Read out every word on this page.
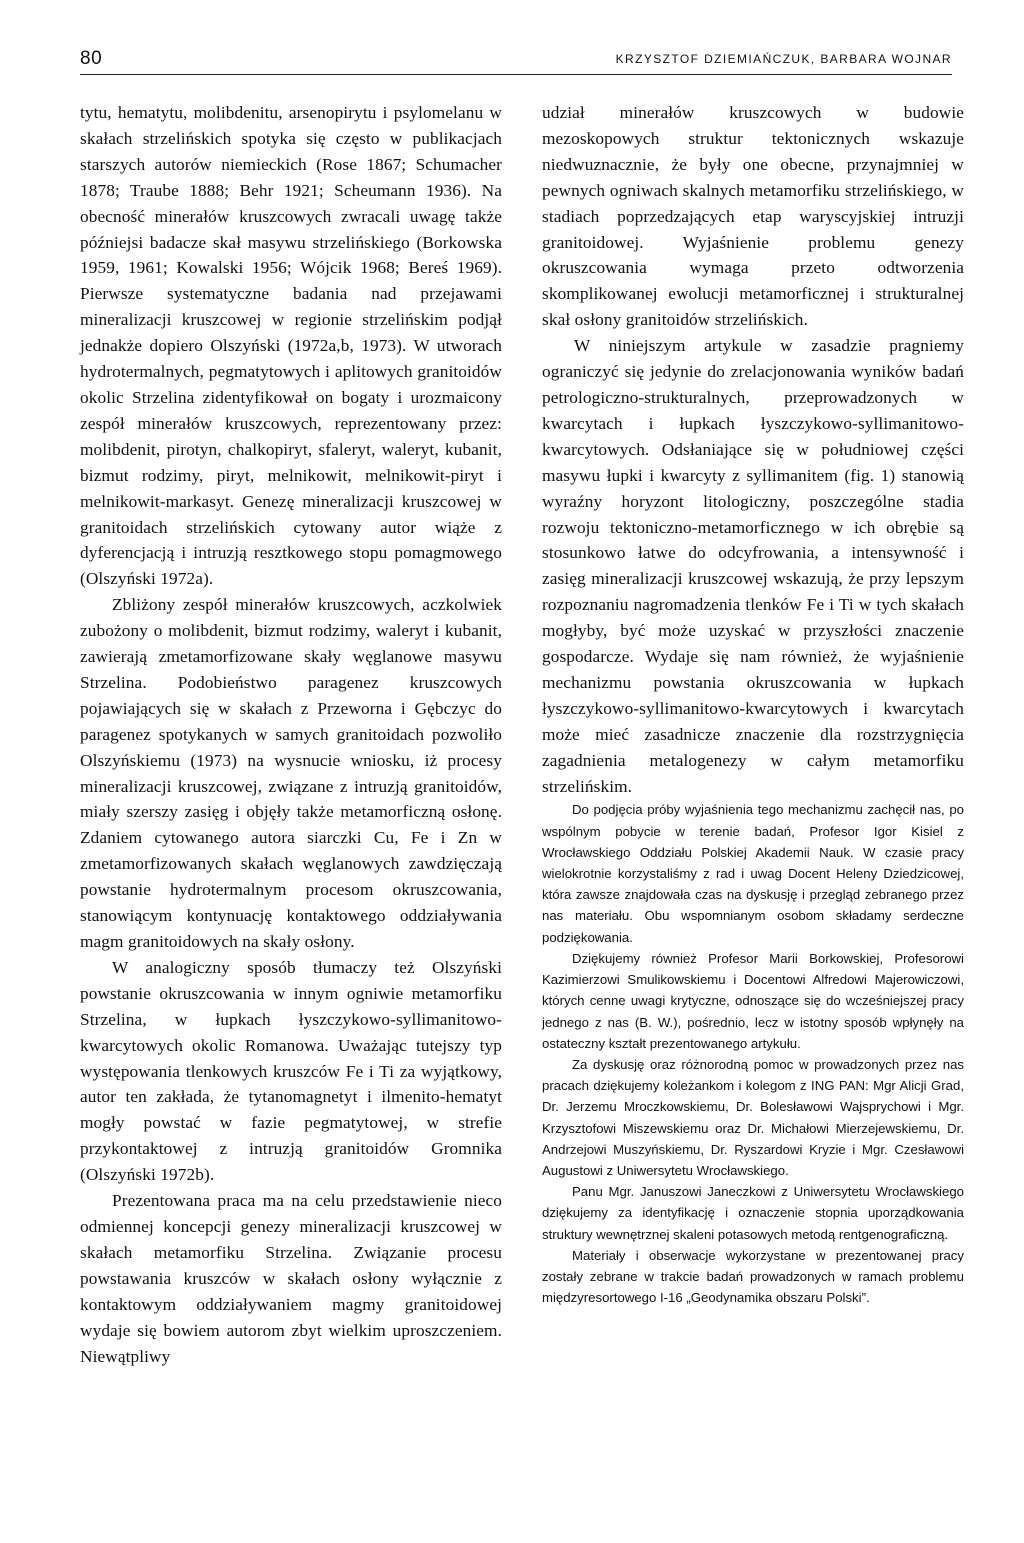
80	KRZYSZTOF DZIEMIAŃCZUK, BARBARA WOJNAR

tytu, hematytu, molibdenitu, arsenopirytu i psylomelanu w skałach strzelińskich spotyka się często w publikacjach starszych autorów niemieckich (Rose 1867; Schumacher 1878; Traube 1888; Behr 1921; Scheumann 1936). Na obecność minerałów kruszcowych zwracali uwagę także późniejsi badacze skał masywu strzelińskiego (Borkowska 1959, 1961; Kowalski 1956; Wójcik 1968; Bereś 1969). Pierwsze systematyczne badania nad przejawami mineralizacji kruszcowej w regionie strzelińskim podjął jednakże dopiero Olszyński (1972a,b, 1973). W utworach hydrotermalnych, pegmatytowych i aplitowych granitoidów okolic Strzelina zidentyfikował on bogaty i urozmaicony zespół minerałów kruszcowych, reprezentowany przez: molibdenit, pirotyn, chalkopiryt, sfaleryt, waleryt, kubanit, bizmut rodzimy, piryt, melnikowit, melnikowit-piryt i melnikowit-markasyt. Genezę mineralizacji kruszcowej w granitoidach strzelińskich cytowany autor wiąże z dyferencjacją i intruzją resztkowego stopu pomagmowego (Olszyński 1972a).

Zbliżony zespół minerałów kruszcowych, aczkolwiek zubożony o molibdenit, bizmut rodzimy, waleryt i kubanit, zawierają zmetamorfizowane skały węglanowe masywu Strzelina. Podobieństwo paragenez kruszcowych pojawiających się w skałach z Przeworna i Gębczyc do paragenez spotykanych w samych granitoidach pozwoliło Olszyńskiemu (1973) na wysnucie wniosku, iż procesy mineralizacji kruszcowej, związane z intruzją granitoidów, miały szerszy zasięg i objęły także metamorficzną osłonę. Zdaniem cytowanego autora siarczki Cu, Fe i Zn w zmetamorfizowanych skałach węglanowych zawdzięczają powstanie hydrotermalnym procesom okruszcowania, stanowiącym kontynuację kontaktowego oddziaływania magm granitoidowych na skały osłony.

W analogiczny sposób tłumaczy też Olszyński powstanie okruszcowania w innym ogniwie metamorfiku Strzelina, w łupkach łyszczykowo-syllimanitowo-kwarcytowych okolic Romanowa. Uważając tutejszy typ występowania tlenkowych kruszców Fe i Ti za wyjątkowy, autor ten zakłada, że tytanomagnetyt i ilmenito-hematyt mogły powstać w fazie pegmatytowej, w strefie przykontaktowej z intruzją granitoidów Gromnika (Olszyński 1972b).

Prezentowana praca ma na celu przedstawienie nieco odmiennej koncepcji genezy mineralizacji kruszcowej w skałach metamorfiku Strzelina. Związanie procesu powstawania kruszców w skałach osłony wyłącznie z kontaktowym oddziaływaniem magmy granitoidowej wydaje się bowiem autorom zbyt wielkim uproszczeniem. Niewątpliwy

udział minerałów kruszcowych w budowie mezoskopowych struktur tektonicznych wskazuje niedwuznacznie, że były one obecne, przynajmniej w pewnych ogniwach skalnych metamorfiku strzelińskiego, w stadiach poprzedzających etap waryscyjskiej intruzji granitoidowej. Wyjaśnienie problemu genezy okruszcowania wymaga przeto odtworzenia skomplikowanej ewolucji metamorficznej i strukturalnej skał osłony granitoidów strzelińskich.

W niniejszym artykule w zasadzie pragniemy ograniczyć się jedynie do zrelacjonowania wyników badań petrologiczno-strukturalnych, przeprowadzonych w kwarcytach i łupkach łyszczykowo-syllimanitowo-kwarcytowych. Odsłaniające się w południowej części masywu łupki i kwarcyty z syllimanitem (fig. 1) stanowią wyraźny horyzont litologiczny, poszczególne stadia rozwoju tektoniczno-metamorficznego w ich obrębie są stosunkowo łatwe do odcyfrowania, a intensywność i zasięg mineralizacji kruszcowej wskazują, że przy lepszym rozpoznaniu nagromadzenia tlenków Fe i Ti w tych skałach mogłyby, być może uzyskać w przyszłości znaczenie gospodarcze. Wydaje się nam również, że wyjaśnienie mechanizmu powstania okruszcowania w łupkach łyszczykowo-syllimanitowo-kwarcytowych i kwarcytach może mieć zasadnicze znaczenie dla rozstrzygnięcia zagadnienia metalogenezy w całym metamorfiku strzelińskim.

Do podjęcia próby wyjaśnienia tego mechanizmu zachęcił nas, po wspólnym pobycie w terenie badań, Profesor Igor Kisiel z Wrocławskiego Oddziału Polskiej Akademii Nauk. W czasie pracy wielokrotnie korzystaliśmy z rad i uwag Docent Heleny Dziedzicowej, która zawsze znajdowała czas na dyskusję i przegląd zebranego przez nas materiału. Obu wspomnianym osobom składamy serdeczne podziękowania.

Dziękujemy również Profesor Marii Borkowskiej, Profesorowi Kazimierzowi Smulikowskiemu i Docentowi Alfredowi Majerowiczowi, których cenne uwagi krytyczne, odnoszące się do wcześniejszej pracy jednego z nas (B. W.), pośrednio, lecz w istotny sposób wpłynęły na ostateczny kształt prezentowanego artykułu.

Za dyskusję oraz różnorodną pomoc w prowadzonych przez nas pracach dziękujemy koleżankom i kolegom z ING PAN: Mgr Alicji Grad, Dr. Jerzemu Mroczkowskiemu, Dr. Bolesławowi Wajsprychowi i Mgr. Krzysztofowi Miszewskiemu oraz Dr. Michałowi Mierzejewskiemu, Dr. Andrzejowi Muszyńskiemu, Dr. Ryszardowi Kryzie i Mgr. Czesławowi Augustowi z Uniwersytetu Wrocławskiego.

Panu Mgr. Januszowi Janeczkowi z Uniwersytetu Wrocławskiego dziękujemy za identyfikację i oznaczenie stopnia uporządkowania struktury wewnętrznej skaleni potasowych metodą rentgenograficzną.

Materiały i obserwacje wykorzystane w prezentowanej pracy zostały zebrane w trakcie badań prowadzonych w ramach problemu międzyresortowego I-16 „Geodynamika obszaru Polski”.
